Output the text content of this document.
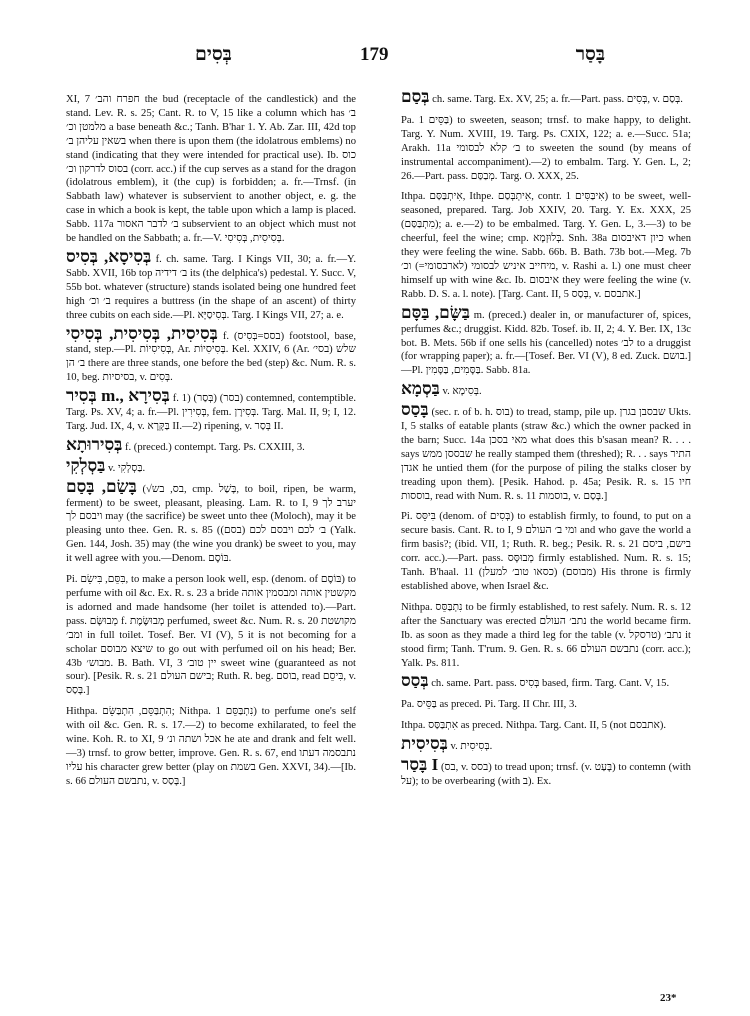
בְּסִים	179	בָּסַר

XI, 7 חפרח והב׳ the bud (receptacle of the candlestick) and the stand. Lev. R. s. 25; Cant. R. to V, 15 like a column which has ב׳ מלמטן וכ׳ a base beneath &c.; Tanh. B'har 1. Y. Ab. Zar. III, 42d top בשאין עליהן ב׳ when there is upon them (the idolatrous emblems) no stand (indicating that they were intended for practical use). Ib. כוס בסוס לדרקון וכ׳ (corr. acc.) if the cup serves as a stand for the dragon (idolatrous emblem), it (the cup) is forbidden; a. fr.—Trnsf. (in Sabbath law) whatever is subservient to another object, e. g. the case in which a book is kept, the table upon which a lamp is placed. Sabb. 117a ב׳ לדבר האסור subservient to an object which must not be handled on the Sabbath; a. fr.—V. בְּסִיסִית, בְּסִיסִי.

בְּסִיסָא, בְּסִיס f. ch. same. Targ. I Kings VII, 30; a. fr.—Y. Sabb. XVII, 16b top ב׳ דידיה its (the delphica's) pedestal. Y. Succ. V, 55b bot. whatever (structure) stands isolated being one hundred feet high ב׳ וכ׳ requires a buttress (in the shape of an ascent) of thirty three cubits on each side.—Pl. בְּסִיסַיָּא. Targ. I Kings VII, 27; a. e.

בְּסִיסִית, בְּסִיסִית, בְּסִיסִי f. (בסס=בְּסִיס) footstool, base, stand, step.—Pl. בְּסִיסִיוֹת, Ar. בְּסִיסִיוֹת. Kel. XXIV, 6 (Ar. בסי׳) שלש ב׳ הן there are three stands, one before the bed (step) &c. Num. R. s. 10, beg. בסיסיות, v. בְּסִים.

בְּסִיר m., בְּסִירָא f. 1) (בְּסַר) (בסר) contemned, contemptible. Targ. Ps. XV, 4; a. fr.—Pl. בְּסִירִין, fem. בְּסִירָן. Targ. Mal. II, 9; I, 12. Targ. Jud. IX, 4, v. בַּקָּרָא II.—2) ripening, v. בְּסַר II.

בְּסִירוּתָא f. (preced.) contempt. Targ. Ps. CXXIII, 3.

בַּסְלְקִי v. בַּסְלְקִי.

בָּשַׂם, בָּסַם (√בס, בש, cmp. בָּשַׁל, to boil, ripen, be warm, ferment) to be sweet, pleasant, pleasing. Lam. R. to I, 9 יערב לך ויבסם לך may (the sacrifice) be sweet unto thee (Moloch), may it be pleasing unto thee. Gen. R. s. 85 (ב׳ לכם ויבסם לכם (בסם) (Yalk. Gen. 144, Josh. 35) may (the wine you drank) be sweet to you, may it well agree with you.—Denom. בּוֹסֶם.

Pi. בִּסֵּם, בִּישֵׂם, to make a person look well, esp. (denom. of בּוֹסֶם) to perfume with oil &c. Ex. R. s. 23 a bride מקשטין אותה ומבסמין אותה is adorned and made handsome (her toilet is attended to).—Part. pass. מְבוּשָּׂם f. מְבוּשֶּׂמֶת perfumed, sweet &c. Num. R. s. 20 מקושטת ומב׳ in full toilet. Tosef. Ber. VI (V), 5 it is not becoming for a scholar שיצא מבוסם to go out with perfumed oil on his head; Ber. 43b מבוש׳. B. Bath. VI, 3 יין טוב׳ sweet wine (guaranteed as not sour). [Pesik. R. s. 21 בישם העולם; Ruth. R. beg. בוסם, read בִּיסֵם, v. בָּסַס.]

Hithpa. הִתְבַּסֵּם, הִתְבַּשֵּׂם; Nithpa. נִתְבַּסֵּם 1) to perfume one's self with oil &c. Gen. R. s. 17.—2) to become exhilarated, to feel the wine. Koh. R. to XI, 9 אכל ושתה ונ׳ he ate and drank and felt well.—3) trnsf. to grow better, improve. Gen. R. s. 67, end נתבסמה דעתו עליו his character grew better (play on בשמת Gen. XXVI, 34).—[Ib. s. 66 נתבשם העולם, v. בָּסַס.]

בְּסַם ch. same. Targ. Ex. XV, 25; a. fr.—Part. pass. בְּסִים, v. בְּסַם.

Pa. בַּסֵּים 1) to sweeten, season; trnsf. to make happy, to delight. Targ. Y. Num. XVIII, 19. Targ. Ps. CXIX, 122; a. e.—Succ. 51a; Arakh. 11a ב׳ קלא לבסומי to sweeten the sound (by means of instrumental accompaniment).—2) to embalm. Targ. Y. Gen. L, 2; 26.—Part. pass. מְבַסַּם. Targ. O. XXX, 25.

Ithpa. אִיתְבַּסַּם, Ithpe. אִיתְבְּסַם, contr. אִיבַּסִּים 1) to be sweet, well-seasoned, prepared. Targ. Job XXIV, 20. Targ. Y. Ex. XXX, 25 (מִתְבַּסַּם); a. e.—2) to be embalmed. Targ. Y. Gen. L, 3.—3) to be cheerful, feel the wine; cmp. בְּלוּזְמָא. Snh. 38a כיון דאיבסום when they were feeling the wine. Sabb. 66b. B. Bath. 73b bot.—Meg. 7b מיחייב איניש לבסומי (לארבסומי=) וכ׳, v. Rashi a. l.) one must cheer himself up with wine &c. Ib. איבסום they were feeling the wine (v. Rabb. D. S. a. l. note). [Targ. Cant. II, 5 בְּסַס, v. אתבסם.]

בַּשָּׂם, בַּסָּם m. (preced.) dealer in, or manufacturer of, spices, perfumes &c.; druggist. Kidd. 82b. Tosef. ib. II, 2; 4. Y. Ber. IX, 13c bot. B. Mets. 56b if one sells his (cancelled) notes לב׳ to a druggist (for wrapping paper); a. fr.—[Tosef. Ber. VI (V), 8 ed. Zuck. בושם.]—Pl. בַּסָּמִים, בַּסָּמִין. Sabb. 81a.

בַּסְמָא v. בְּסִימָא.

בָּסַס (sec. r. of b. h. בוס) to tread, stamp, pile up. שבסבן בגרן Ukts. I, 5 stalks of eatable plants (straw &c.) which the owner packed in the barn; Succ. 14a מאי בסכן what does this b'sasan mean? R. . . . says שבססן ממש he really stamped them (threshed); R. . . says התיר אגדן he untied them (for the purpose of piling the stalks closer by treading upon them). [Pesik. Hahod. p. 45a; Pesik. R. s. 15 חיו בוססות, read with Num. R. s. 11 בוסמות, v. בָּסַם.]

Pi. בִּיסֵּס (denom. of בְּסִים) to establish firmly, to found, to put on a secure basis. Cant. R. to I, 9 ומי ב׳ העולם and who gave the world a firm basis?; (ibid. VII, 1; Ruth. R. beg.; Pesik. R. s. 21 בישם, ביסם corr. acc.).—Part. pass. מְבוּסָּס firmly established. Num. R. s. 15; Tanh. B'haal. 11 (כסאו טוב׳ למעלן) (מבוסם) His throne is firmly established above, when Israel &c.

Nithpa. נִתְבַּסֵּס to be firmly established, to rest safely. Num. R. s. 12 after the Sanctuary was erected נתב׳ העולם the world became firm. Ib. as soon as they made a third leg for the table (v. טרסקל) נתב׳ it stood firm; Tanh. T'rum. 9. Gen. R. s. 66 נתבשם העולם (corr. acc.); Yalk. Ps. 811.

בְּסַס ch. same. Part. pass. בְּסִיס based, firm. Targ. Cant. V, 15.

Pa. בַּסֵּיס as preced. Pi. Targ. II Chr. III, 3.

Ithpa. אִתְבַּסַּס as preced. Nithpa. Targ. Cant. II, 5 (not אתבסם).

בְּסִיסִית v. בְּסִיסִית.

בָּסַר I (בס, v. בסס) to tread upon; trnsf. (v. בָּעַט) to contemn (with על); to be overbearing (with ב). Ex.

23*
